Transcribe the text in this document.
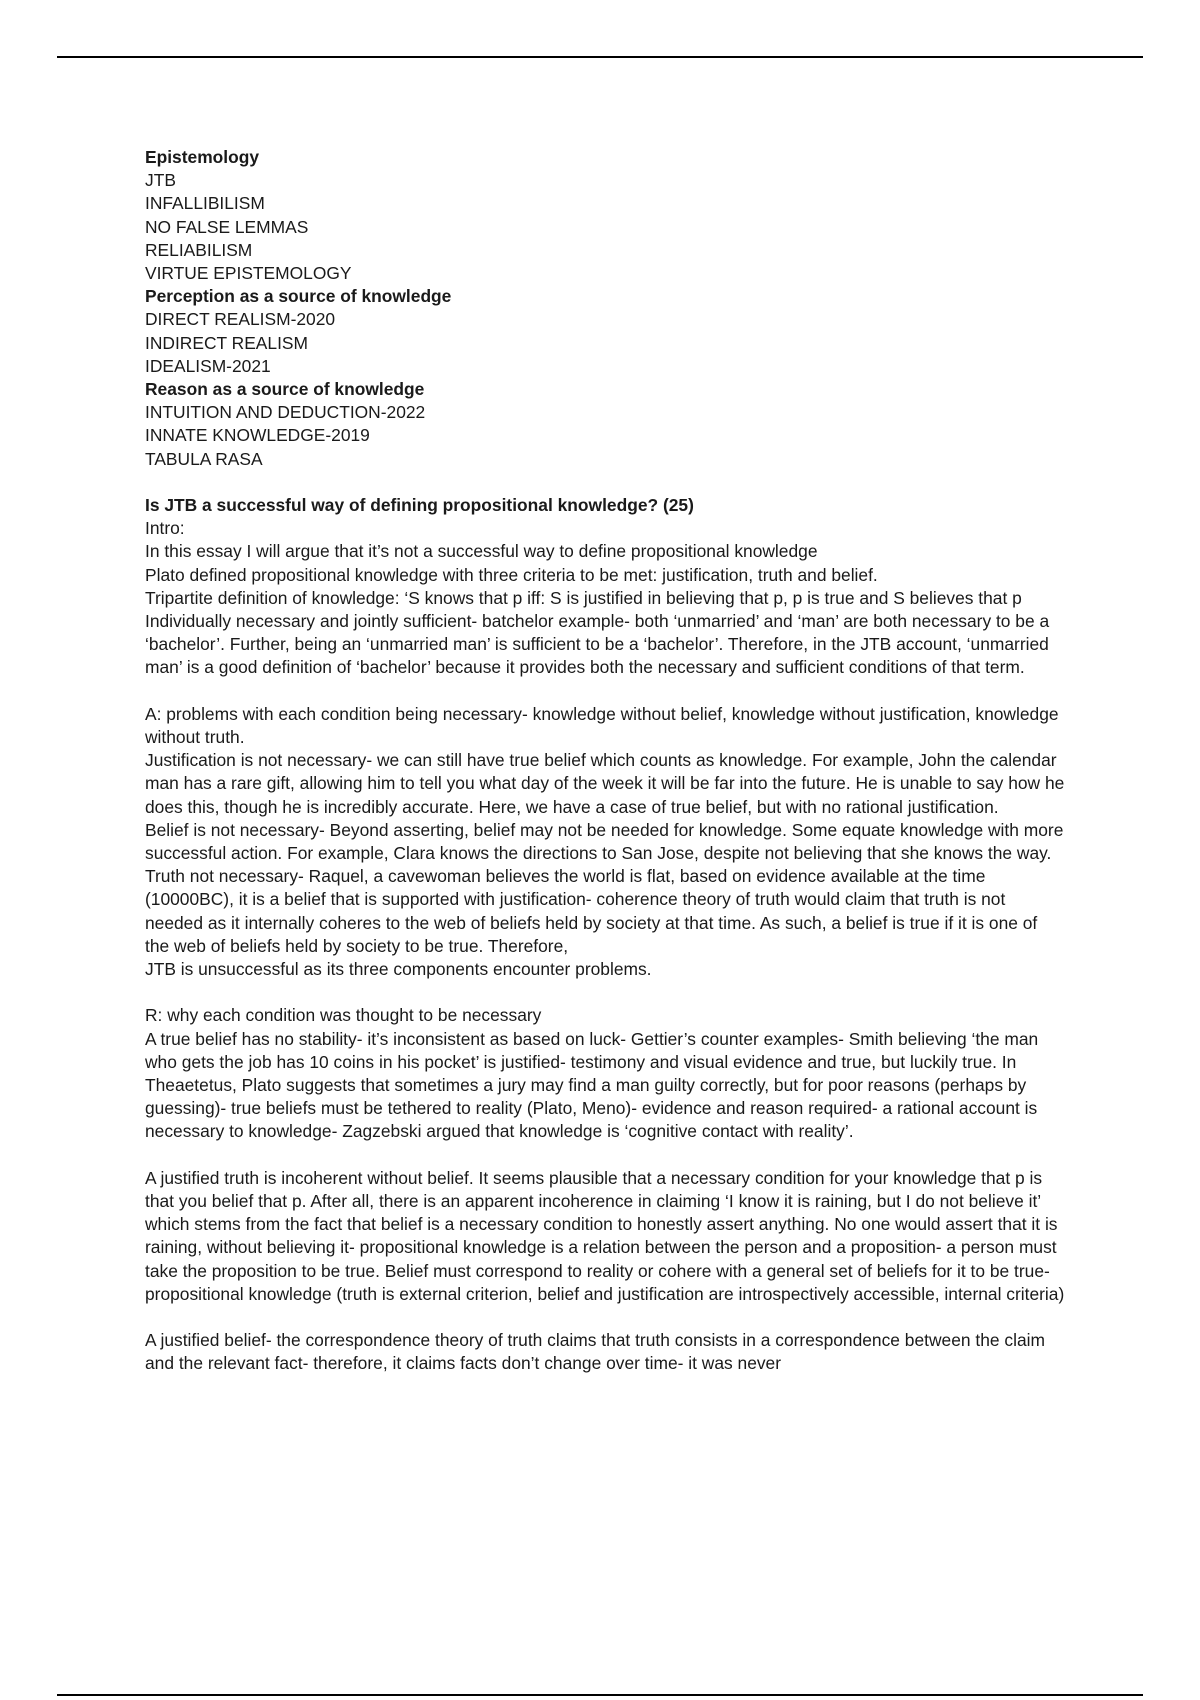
Epistemology
JTB
INFALLIBILISM
NO FALSE LEMMAS
RELIABILISM
VIRTUE EPISTEMOLOGY
Perception as a source of knowledge
DIRECT REALISM-2020
INDIRECT REALISM
IDEALISM-2021
Reason as a source of knowledge
INTUITION AND DEDUCTION-2022
INNATE KNOWLEDGE-2019
TABULA RASA
Is JTB a successful way of defining propositional knowledge? (25)
Intro:
In this essay I will argue that it’s not a successful way to define propositional knowledge
Plato defined propositional knowledge with three criteria to be met: justification, truth and belief.
Tripartite definition of knowledge: ‘S knows that p iff: S is justified in believing that p, p is true and S believes that p
Individually necessary and jointly sufficient- batchelor example- both ‘unmarried’ and ‘man’ are both necessary to be a ‘bachelor’. Further, being an ‘unmarried man’ is sufficient to be a ‘bachelor’. Therefore, in the JTB account, ‘unmarried man’ is a good definition of ‘bachelor’ because it provides both the necessary and sufficient conditions of that term.
A: problems with each condition being necessary- knowledge without belief, knowledge without justification, knowledge without truth.
Justification is not necessary- we can still have true belief which counts as knowledge. For example, John the calendar man has a rare gift, allowing him to tell you what day of the week it will be far into the future. He is unable to say how he does this, though he is incredibly accurate. Here, we have a case of true belief, but with no rational justification.
Belief is not necessary- Beyond asserting, belief may not be needed for knowledge. Some equate knowledge with more successful action. For example, Clara knows the directions to San Jose, despite not believing that she knows the way.
Truth not necessary- Raquel, a cavewoman believes the world is flat, based on evidence available at the time (10000BC), it is a belief that is supported with justification- coherence theory of truth would claim that truth is not needed as it internally coheres to the web of beliefs held by society at that time. As such, a belief is true if it is one of the web of beliefs held by society to be true. Therefore,
JTB is unsuccessful as its three components encounter problems.
R: why each condition was thought to be necessary
A true belief has no stability- it’s inconsistent as based on luck- Gettier’s counter examples- Smith believing ‘the man who gets the job has 10 coins in his pocket’ is justified- testimony and visual evidence and true, but luckily true. In Theaetetus, Plato suggests that sometimes a jury may find a man guilty correctly, but for poor reasons (perhaps by guessing)- true beliefs must be tethered to reality (Plato, Meno)- evidence and reason required- a rational account is necessary to knowledge- Zagzebski argued that knowledge is ‘cognitive contact with reality’.
A justified truth is incoherent without belief. It seems plausible that a necessary condition for your knowledge that p is that you belief that p. After all, there is an apparent incoherence in claiming ‘I know it is raining, but I do not believe it’ which stems from the fact that belief is a necessary condition to honestly assert anything. No one would assert that it is raining, without believing it- propositional knowledge is a relation between the person and a proposition- a person must take the proposition to be true. Belief must correspond to reality or cohere with a general set of beliefs for it to be true- propositional knowledge (truth is external criterion, belief and justification are introspectively accessible, internal criteria)
A justified belief- the correspondence theory of truth claims that truth consists in a correspondence between the claim and the relevant fact- therefore, it claims facts don’t change over time- it was never
